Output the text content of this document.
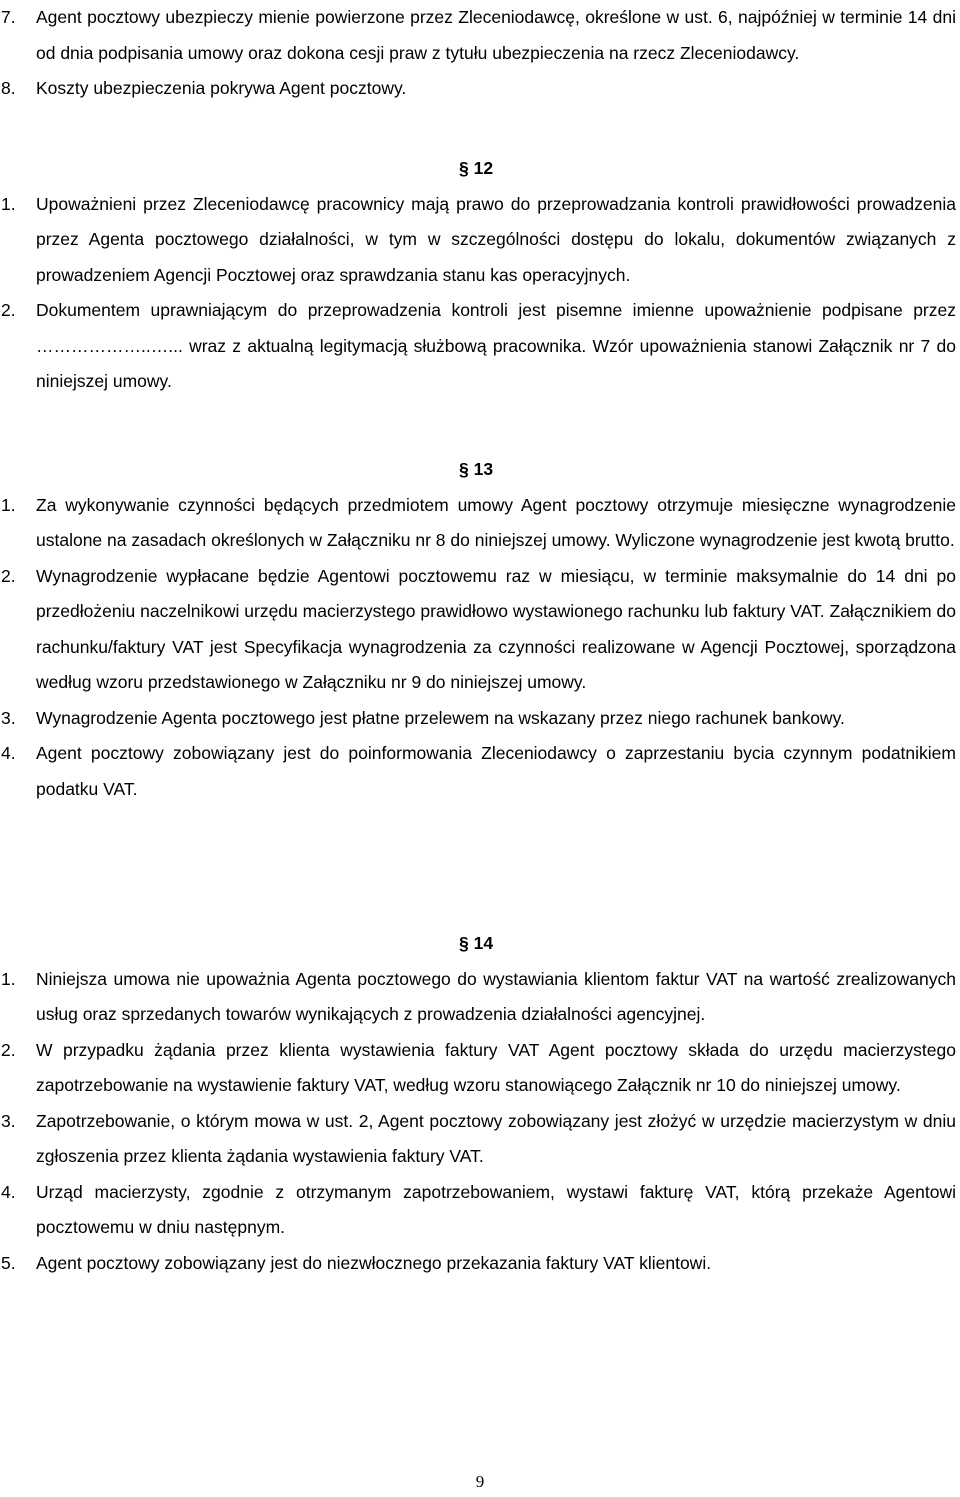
7.	Agent pocztowy ubezpieczy mienie powierzone przez Zleceniodawcę, określone w ust. 6, najpóźniej w terminie 14 dni od dnia podpisania umowy oraz dokona cesji praw z tytułu ubezpieczenia na rzecz Zleceniodawcy.
8.	Koszty ubezpieczenia pokrywa Agent pocztowy.
§ 12
1.	Upoważnieni przez Zleceniodawcę pracownicy mają prawo do przeprowadzania kontroli prawidłowości prowadzenia przez Agenta pocztowego działalności, w tym w szczególności dostępu do lokalu, dokumentów związanych z prowadzeniem Agencji Pocztowej oraz sprawdzania stanu kas operacyjnych.
2.	Dokumentem uprawniającym do przeprowadzenia kontroli jest pisemne imienne upoważnienie podpisane przez ………………..…... wraz z aktualną legitymacją służbową pracownika. Wzór upoważnienia stanowi Załącznik nr 7 do niniejszej umowy.
§ 13
1.	Za wykonywanie czynności będących przedmiotem umowy Agent pocztowy otrzymuje miesięczne wynagrodzenie ustalone na zasadach określonych w Załączniku nr 8 do niniejszej umowy. Wyliczone wynagrodzenie jest kwotą brutto.
2.	Wynagrodzenie wypłacane będzie Agentowi pocztowemu raz w miesiącu, w terminie maksymalnie do 14 dni po przedłożeniu naczelnikowi urzędu macierzystego prawidłowo wystawionego rachunku lub faktury VAT. Załącznikiem do rachunku/faktury VAT jest Specyfikacja wynagrodzenia za czynności realizowane w Agencji Pocztowej, sporządzona według wzoru przedstawionego w Załączniku nr 9 do niniejszej umowy.
3.	Wynagrodzenie Agenta pocztowego jest płatne przelewem na wskazany przez niego rachunek bankowy.
4.	Agent pocztowy zobowiązany jest do poinformowania Zleceniodawcy o zaprzestaniu bycia czynnym podatnikiem podatku VAT.
§ 14
1.	Niniejsza umowa nie upoważnia Agenta pocztowego do wystawiania klientom faktur VAT na wartość zrealizowanych usług oraz sprzedanych towarów wynikających z prowadzenia działalności agencyjnej.
2.	W przypadku żądania przez klienta wystawienia faktury VAT Agent pocztowy składa do urzędu macierzystego zapotrzebowanie na wystawienie faktury VAT, według wzoru stanowiącego Załącznik nr 10 do niniejszej umowy.
3.	Zapotrzebowanie, o którym mowa w ust. 2, Agent pocztowy zobowiązany jest złożyć w urzędzie macierzystym w dniu zgłoszenia przez klienta żądania wystawienia faktury VAT.
4.	Urząd macierzysty, zgodnie z otrzymanym zapotrzebowaniem, wystawi fakturę VAT, którą przekaże Agentowi pocztowemu w dniu następnym.
5.	Agent pocztowy zobowiązany jest do niezwłocznego przekazania faktury VAT klientowi.
9
